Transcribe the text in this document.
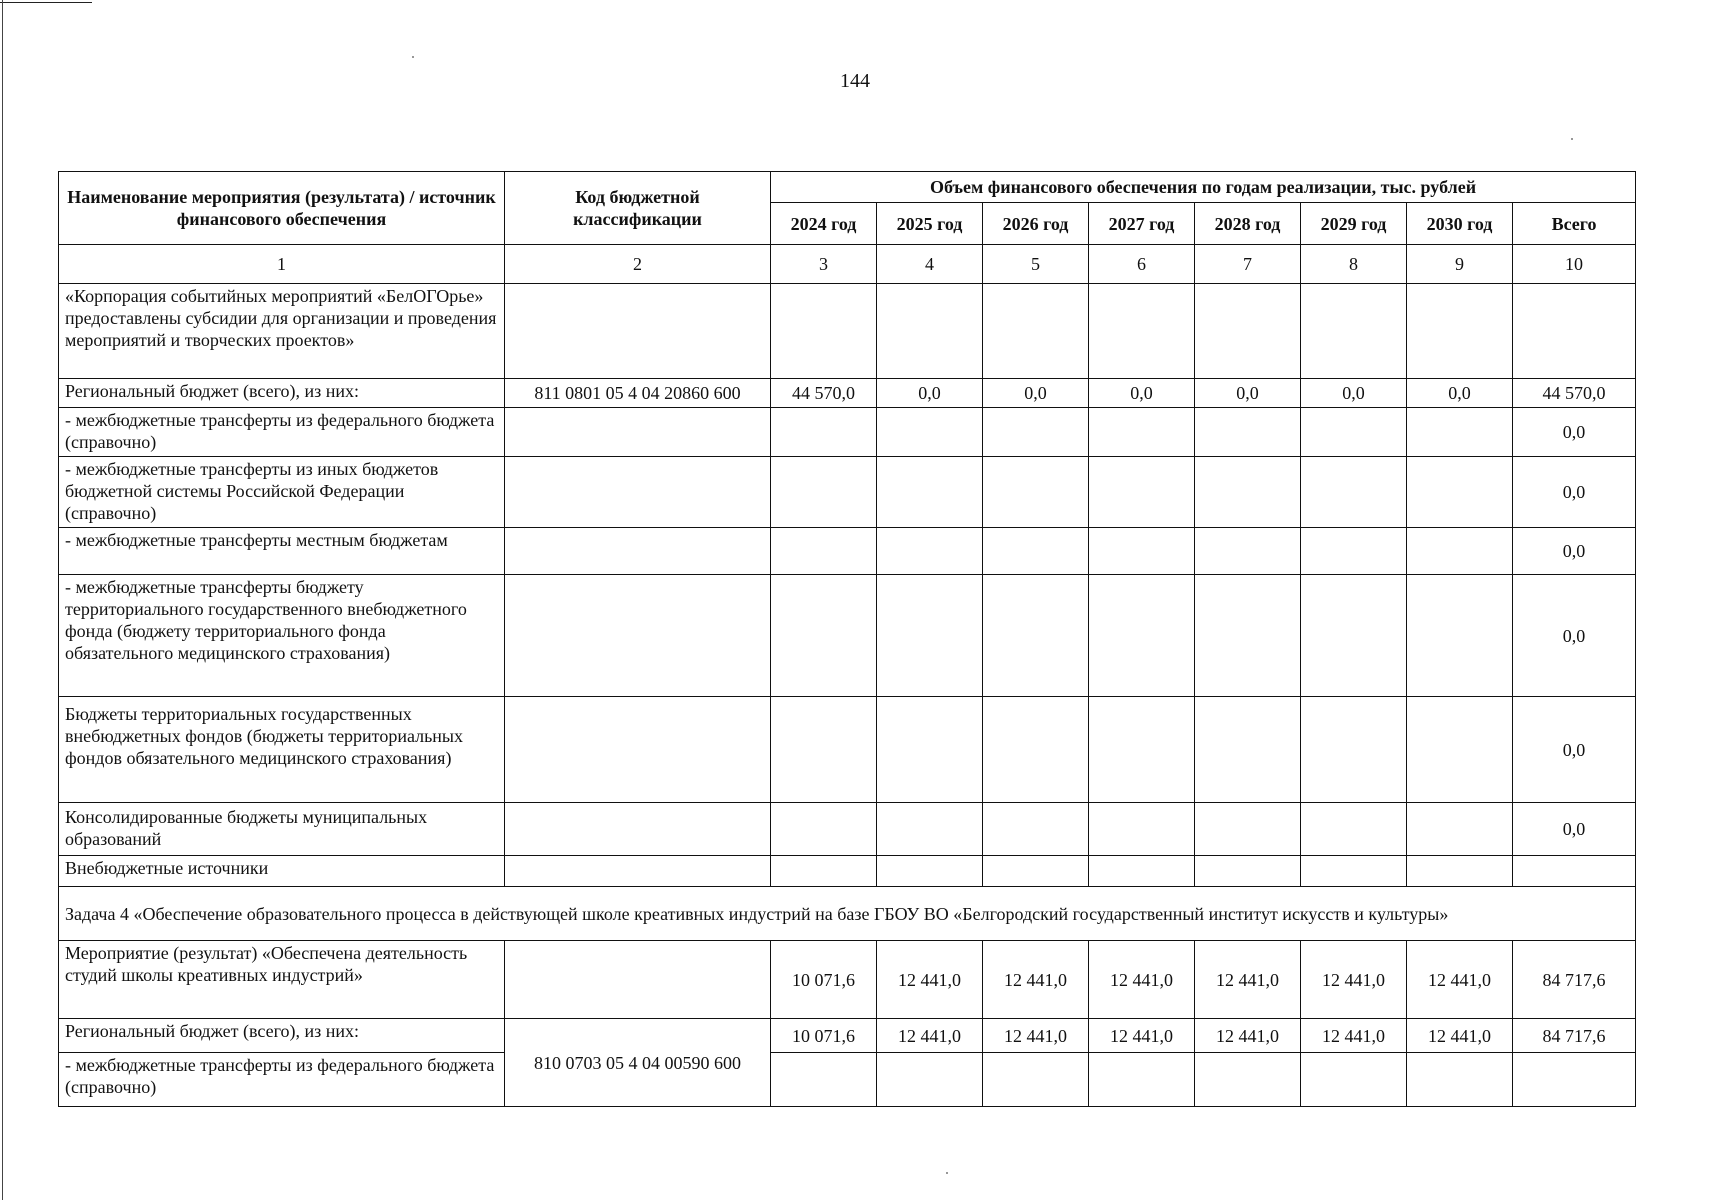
144
Наименование мероприятия (результата) / источник финансового обеспечения	Код бюджетной классификации	Объем финансового обеспечения по годам реализации, тыс. рублей							
		2024 год	2025 год	2026 год	2027 год	2028 год	2029 год	2030 год	Всего
1	2	3	4	5	6	7	8	9	10
«Корпорация событийных мероприятий «БелОГОрье» предоставлены субсидии для организации и проведения мероприятий и творческих проектов»									
Региональный бюджет (всего), из них:	811 0801 05 4 04 20860 600	44 570,0	0,0	0,0	0,0	0,0	0,0	0,0	44 570,0
- межбюджетные трансферты из федерального бюджета (справочно)									0,0
- межбюджетные трансферты из иных бюджетов бюджетной системы Российской Федерации (справочно)									0,0
- межбюджетные трансферты местным бюджетам									0,0
- межбюджетные трансферты бюджету территориального государственного внебюджетного фонда (бюджету территориального фонда обязательного медицинского страхования)									0,0
Бюджеты территориальных государственных внебюджетных фондов (бюджеты территориальных фондов обязательного медицинского страхования)									0,0
Консолидированные бюджеты муниципальных образований									0,0
Внебюджетные источники									
Задача 4 «Обеспечение образовательного процесса в действующей школе креативных индустрий на базе ГБОУ ВО «Белгородский государственный институт искусств и культуры»									
Мероприятие (результат) «Обеспечена деятельность студий школы креативных индустрий»		10 071,6	12 441,0	12 441,0	12 441,0	12 441,0	12 441,0	12 441,0	84 717,6
Региональный бюджет (всего), из них:	810 0703 05 4 04 00590 600	10 071,6	12 441,0	12 441,0	12 441,0	12 441,0	12 441,0	12 441,0	84 717,6
- межбюджетные трансферты из федерального бюджета (справочно)									
